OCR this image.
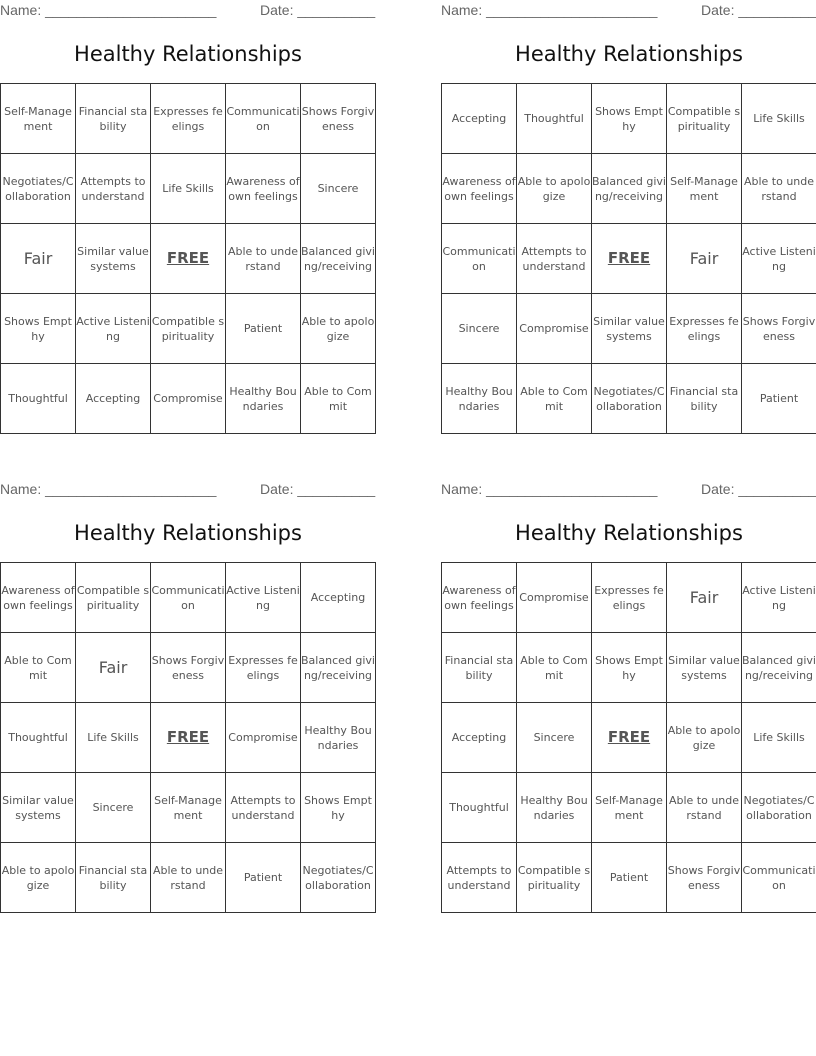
Name: ______________________	Date: __________
Healthy Relationships
Self-Management	Financial stability	Expresses feelings	Communication	Shows Forgiveness
Negotiates/Collaboration	Attempts to understand	Life Skills	Awareness of own feelings	Sincere
Fair	Similar value systems	FREE	Able to understand	Balanced giving/receiving
Shows Empthy	Active Listening	Compatible spirituality	Patient	Able to apologize
Thoughtful	Accepting	Compromise	Healthy Boundaries	Able to Commit
Name: ______________________	Date: __________
Healthy Relationships
Accepting	Thoughtful	Shows Empthy	Compatible spirituality	Life Skills
Awareness of own feelings	Able to apologize	Balanced giving/receiving	Self-Management	Able to understand
Communication	Attempts to understand	FREE	Fair	Active Listening
Sincere	Compromise	Similar value systems	Expresses feelings	Shows Forgiveness
Healthy Boundaries	Able to Commit	Negotiates/Collaboration	Financial stability	Patient
Name: ______________________	Date: __________
Healthy Relationships
Awareness of own feelings	Compatible spirituality	Communication	Active Listening	Accepting
Able to Commit	Fair	Shows Forgiveness	Expresses feelings	Balanced giving/receiving
Thoughtful	Life Skills	FREE	Compromise	Healthy Boundaries
Similar value systems	Sincere	Self-Management	Attempts to understand	Shows Empthy
Able to apologize	Financial stability	Able to understand	Patient	Negotiates/Collaboration
Name: ______________________	Date: __________
Healthy Relationships
Awareness of own feelings	Compromise	Expresses feelings	Fair	Active Listening
Financial stability	Able to Commit	Shows Empthy	Similar value systems	Balanced giving/receiving
Accepting	Sincere	FREE	Able to apologize	Life Skills
Thoughtful	Healthy Boundaries	Self-Management	Able to understand	Negotiates/Collaboration
Attempts to understand	Compatible spirituality	Patient	Shows Forgiveness	Communication
